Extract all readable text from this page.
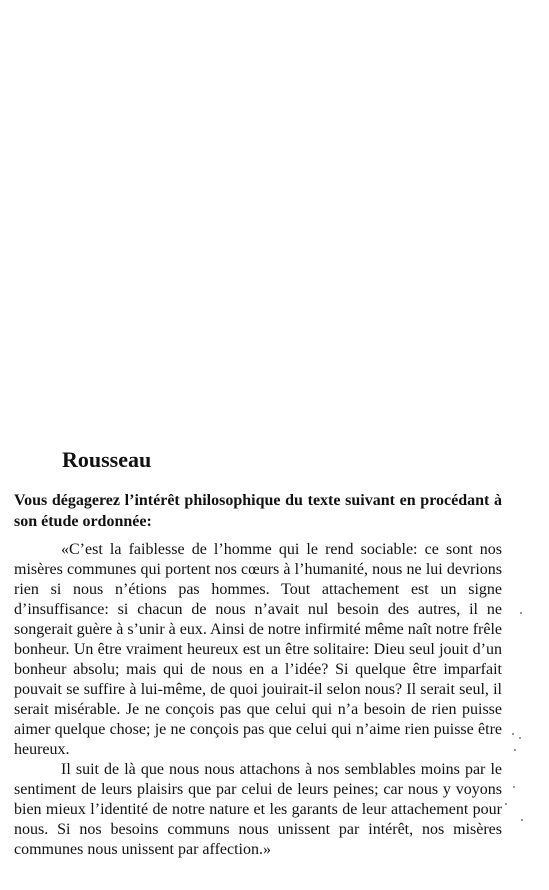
Rousseau

Vous dégagerez l’intérêt philosophique du texte suivant en procédant à son étude ordonnée:

«C’est la faiblesse de l’homme qui le rend sociable: ce sont nos misères communes qui portent nos cœurs à l’humanité, nous ne lui devrions rien si nous n’étions pas hommes. Tout attachement est un signe d’insuffisance: si chacun de nous n’avait nul besoin des autres, il ne songerait guère à s’unir à eux. Ainsi de notre infirmité même naît notre frêle bonheur. Un être vraiment heureux est un être solitaire: Dieu seul jouit d’un bonheur absolu; mais qui de nous en a l’idée? Si quelque être imparfait pouvait se suffire à lui-même, de quoi jouirait-il selon nous? Il serait seul, il serait misérable. Je ne conçois pas que celui qui n’a besoin de rien puisse aimer quelque chose; je ne conçois pas que celui qui n’aime rien puisse être heureux.

Il suit de là que nous nous attachons à nos semblables moins par le sentiment de leurs plaisirs que par celui de leurs peines; car nous y voyons bien mieux l’identité de notre nature et les garants de leur attachement pour nous. Si nos besoins communs nous unissent par intérêt, nos misères communes nous unissent par affection.»
